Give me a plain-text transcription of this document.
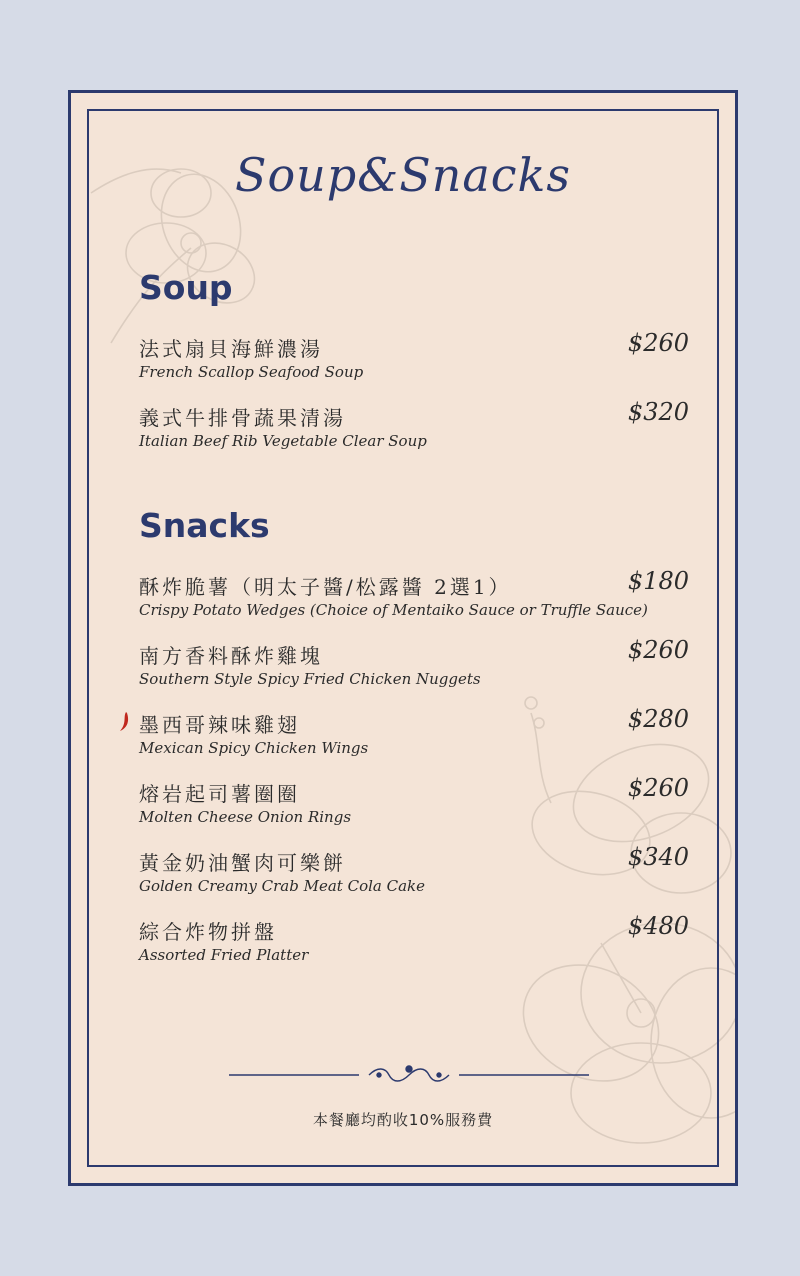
Soup&Snacks
Soup
法式扇貝海鮮濃湯
French Scallop Seafood Soup
$260
義式牛排骨蔬果清湯
Italian Beef Rib Vegetable Clear Soup
$320
Snacks
酥炸脆薯（明太子醬/松露醬 2選1）
Crispy Potato Wedges (Choice of Mentaiko Sauce or Truffle Sauce)
$180
南方香料酥炸雞塊
Southern Style Spicy Fried Chicken Nuggets
$260
墨西哥辣味雞翅
Mexican Spicy Chicken Wings
$280
熔岩起司薯圈圈
Molten Cheese Onion Rings
$260
黃金奶油蟹肉可樂餅
Golden Creamy Crab Meat Cola Cake
$340
綜合炸物拼盤
Assorted Fried Platter
$480
本餐廳均酌收10%服務費
